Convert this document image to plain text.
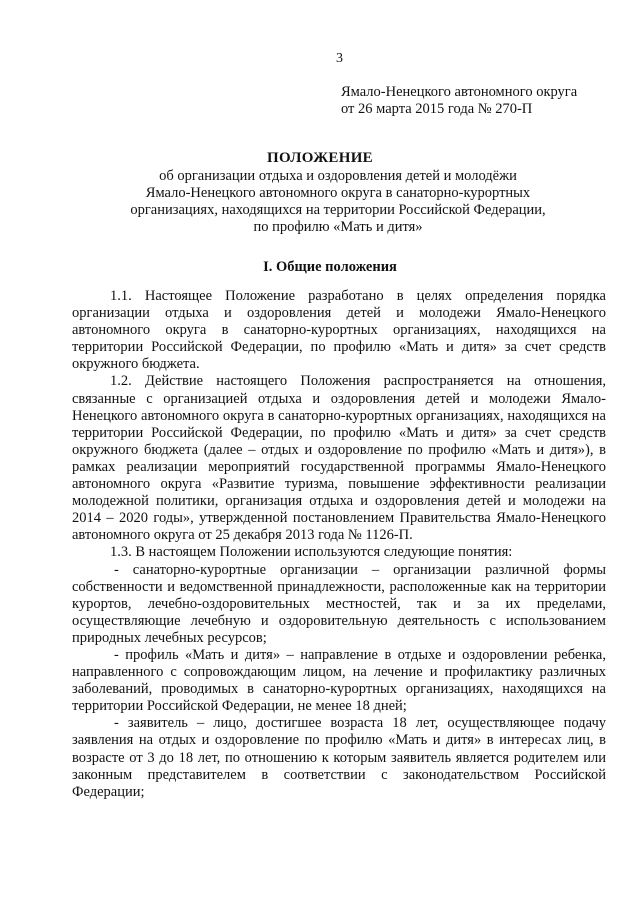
3
Ямало-Ненецкого автономного округа
от 26 марта 2015 года № 270-П
ПОЛОЖЕНИЕ
об организации отдыха и оздоровления детей и молодёжи
Ямало-Ненецкого автономного округа в санаторно-курортных
организациях, находящихся на территории Российской Федерации,
по профилю «Мать и дитя»
I. Общие положения

1.1. Настоящее Положение разработано в целях определения порядка организации отдыха и оздоровления детей и молодежи Ямало-Ненецкого автономного округа в санаторно-курортных организациях, находящихся на территории Российской Федерации, по профилю «Мать и дитя» за счет средств окружного бюджета.

1.2. Действие настоящего Положения распространяется на отношения, связанные с организацией отдыха и оздоровления детей и молодежи Ямало-Ненецкого автономного округа в санаторно-курортных организациях, находящихся на территории Российской Федерации, по профилю «Мать и дитя» за счет средств окружного бюджета (далее – отдых и оздоровление по профилю «Мать и дитя»), в рамках реализации мероприятий государственной программы Ямало-Ненецкого автономного округа «Развитие туризма, повышение эффективности реализации молодежной политики, организация отдыха и оздоровления детей и молодежи на 2014 – 2020 годы», утвержденной постановлением Правительства Ямало-Ненецкого автономного округа от 25 декабря 2013 года № 1126-П.

1.3. В настоящем Положении используются следующие понятия:

- санаторно-курортные организации – организации различной формы собственности и ведомственной принадлежности, расположенные как на территории курортов, лечебно-оздоровительных местностей, так и за их пределами, осуществляющие лечебную и оздоровительную деятельность с использованием природных лечебных ресурсов;

- профиль «Мать и дитя» – направление в отдыхе и оздоровлении ребенка, направленного с сопровождающим лицом, на лечение и профилактику различных заболеваний, проводимых в санаторно-курортных организациях, находящихся на территории Российской Федерации, не менее 18 дней;

- заявитель – лицо, достигшее возраста 18 лет, осуществляющее подачу заявления на отдых и оздоровление по профилю «Мать и дитя» в интересах лиц, в возрасте от 3 до 18 лет, по отношению к которым заявитель является родителем или законным представителем в соответствии с законодательством Российской Федерации;
